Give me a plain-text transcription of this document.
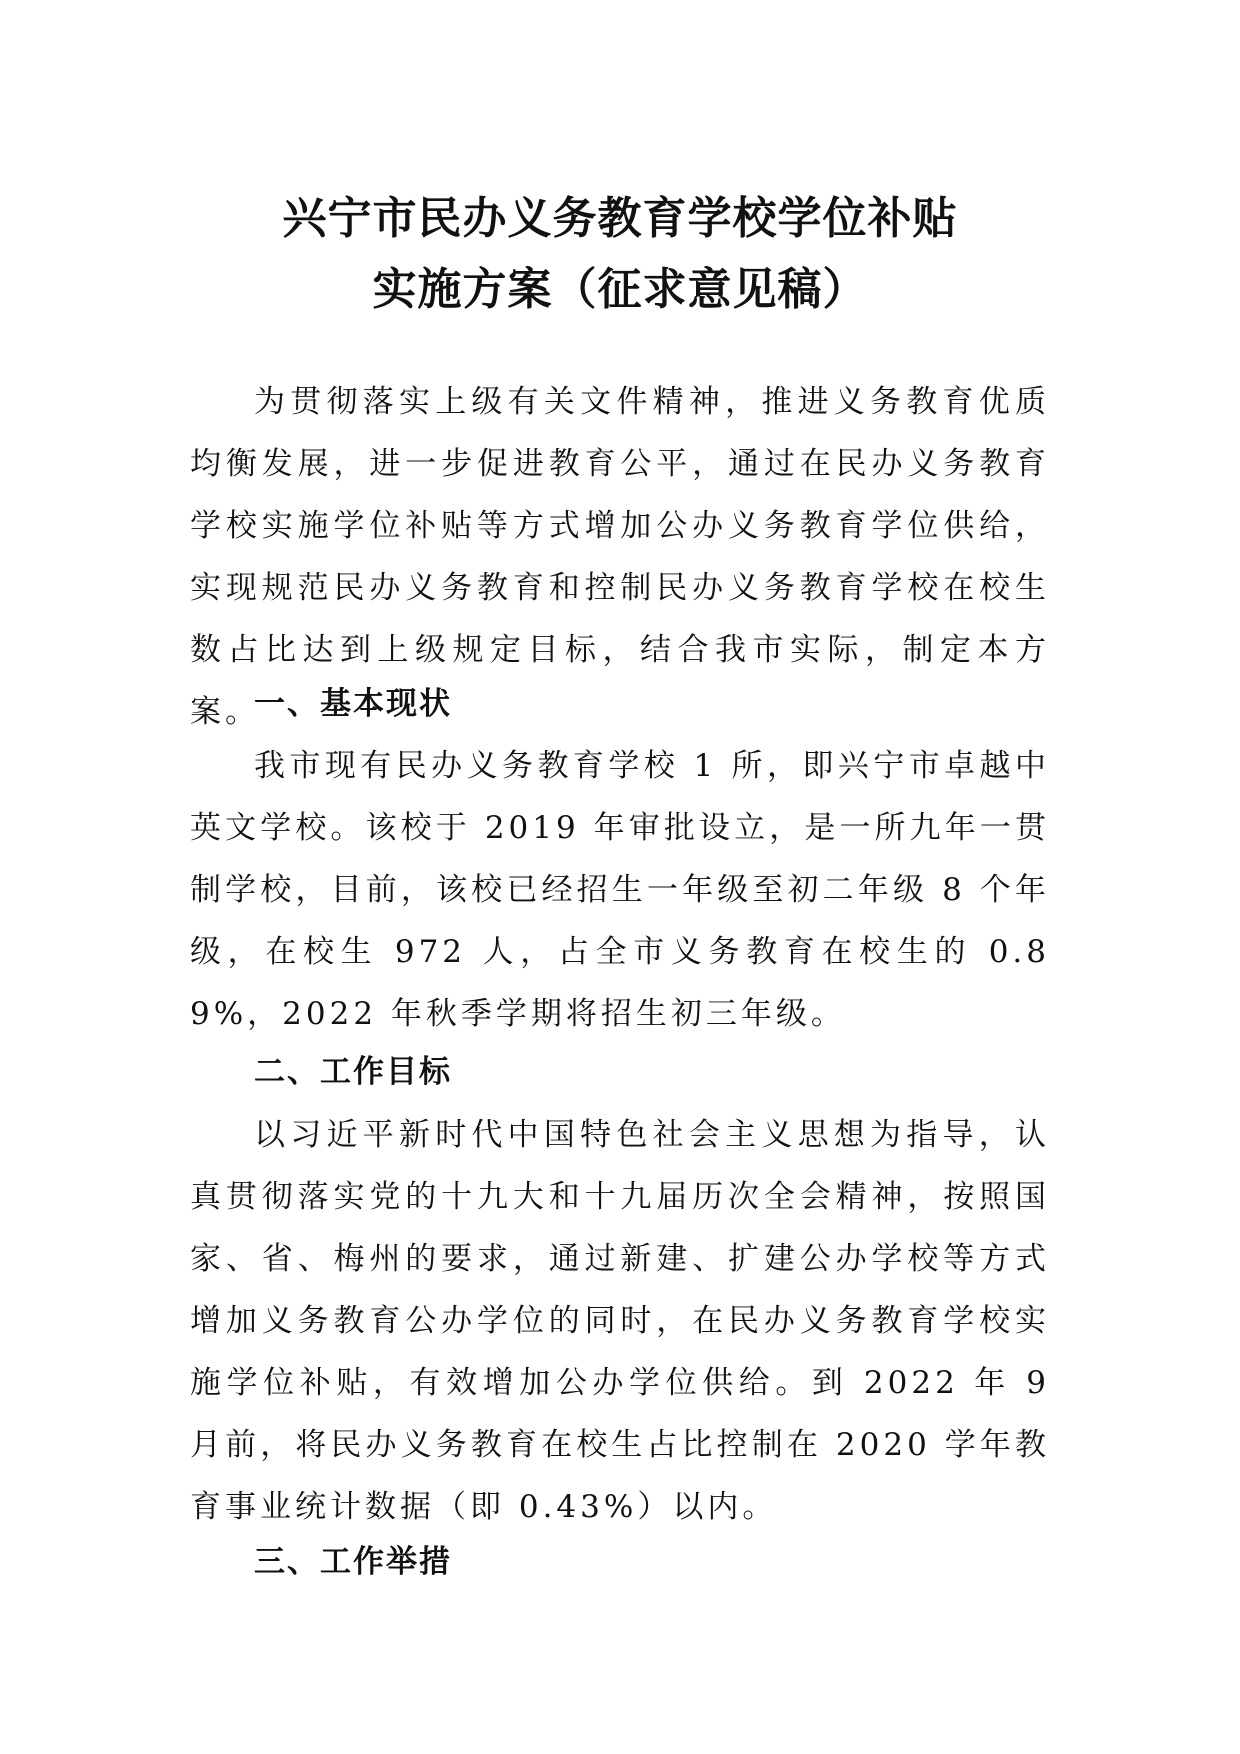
兴宁市民办义务教育学校学位补贴
实施方案（征求意见稿）

为贯彻落实上级有关文件精神，推进义务教育优质均衡发展，进一步促进教育公平，通过在民办义务教育学校实施学位补贴等方式增加公办义务教育学位供给，实现规范民办义务教育和控制民办义务教育学校在校生数占比达到上级规定目标，结合我市实际，制定本方案。

一、基本现状

我市现有民办义务教育学校 1 所，即兴宁市卓越中英文学校。该校于 2019 年审批设立，是一所九年一贯制学校，目前，该校已经招生一年级至初二年级 8 个年级，在校生 972 人，占全市义务教育在校生的 0.89%，2022 年秋季学期将招生初三年级。

二、工作目标

以习近平新时代中国特色社会主义思想为指导，认真贯彻落实党的十九大和十九届历次全会精神，按照国家、省、梅州的要求，通过新建、扩建公办学校等方式增加义务教育公办学位的同时，在民办义务教育学校实施学位补贴，有效增加公办学位供给。到 2022 年 9 月前，将民办义务教育在校生占比控制在 2020 学年教育事业统计数据（即 0.43%）以内。

三、工作举措
